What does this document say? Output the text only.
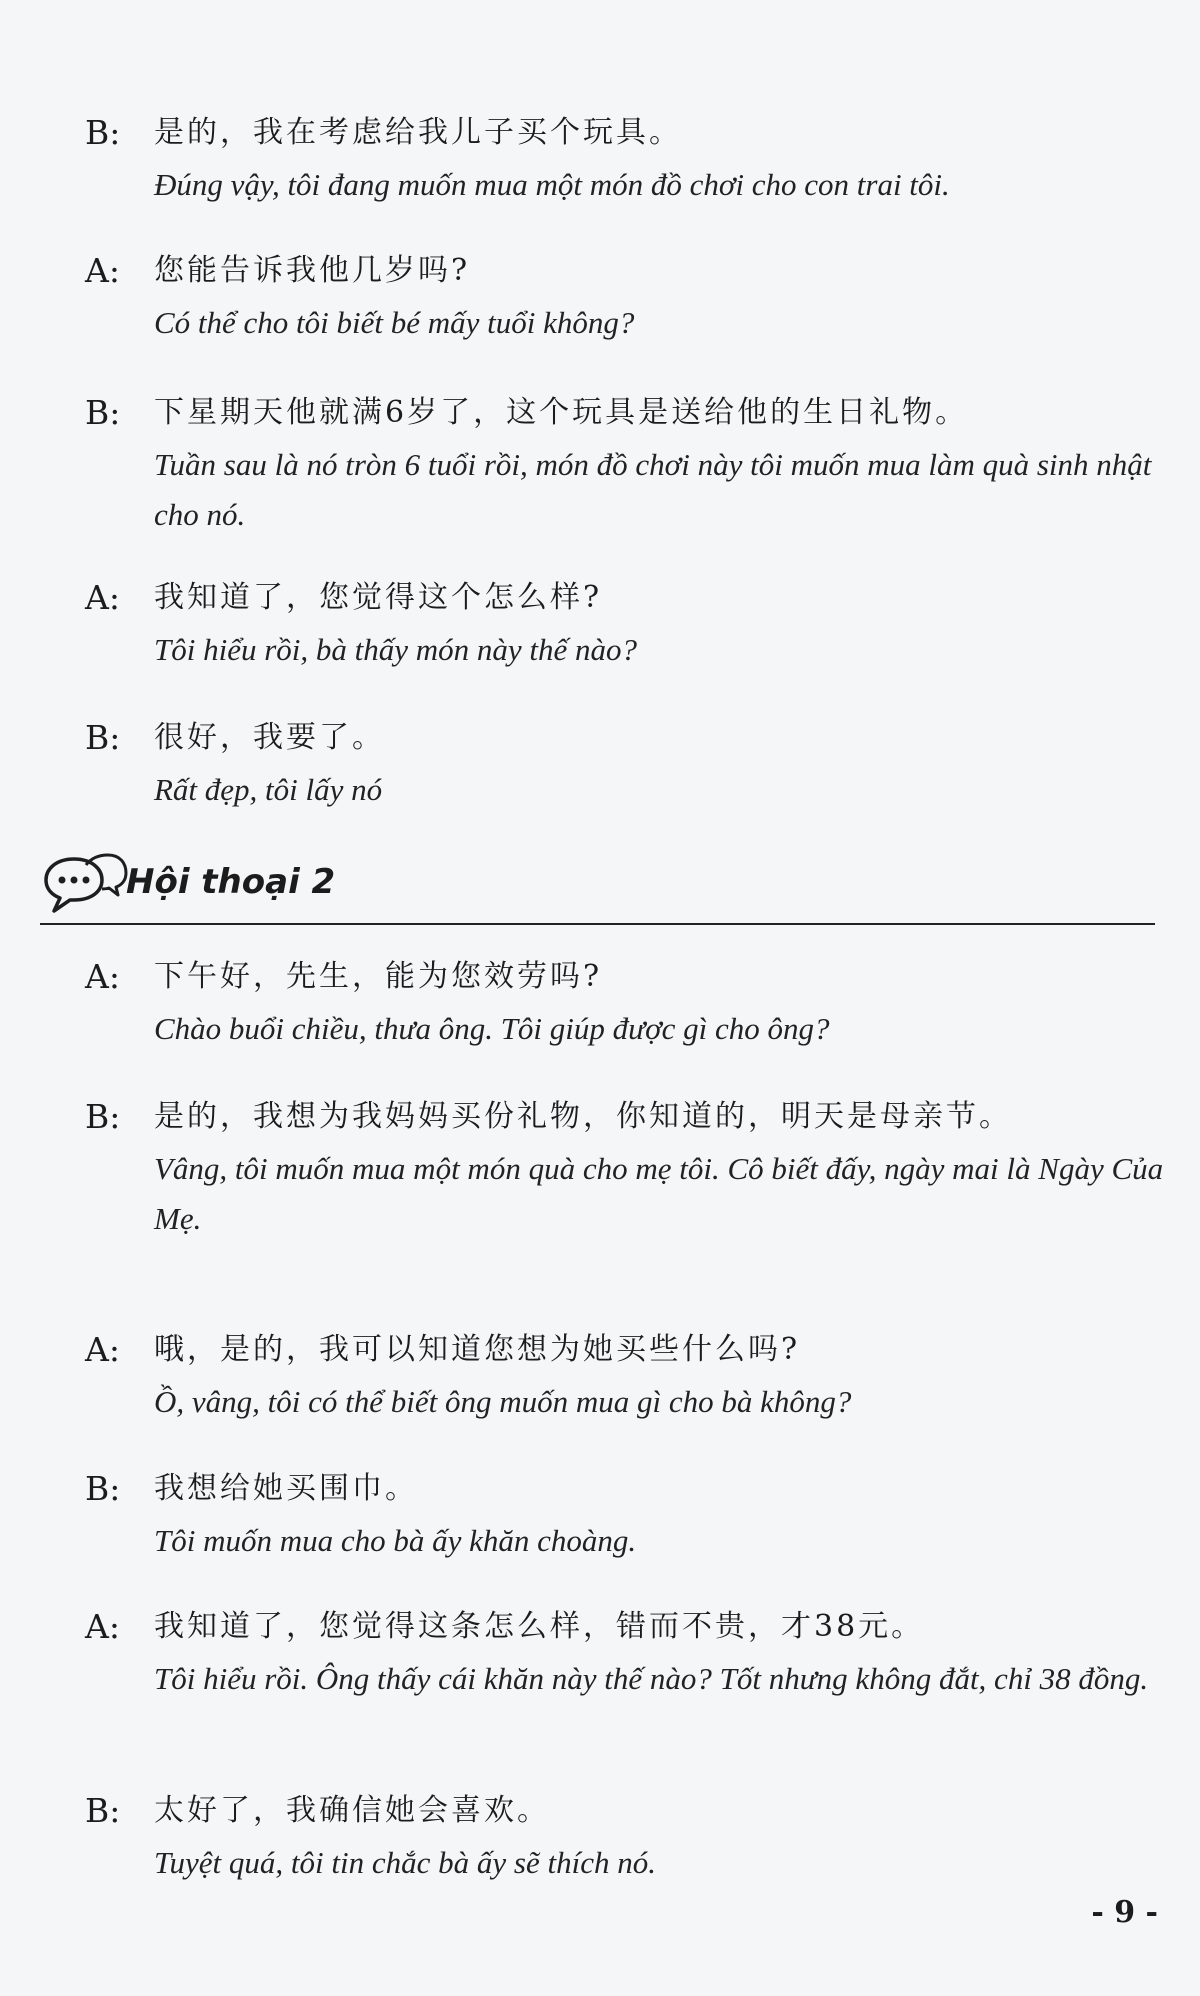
B: 是的，我在考虑给我儿子买个玩具。
Đúng vậy, tôi đang muốn mua một món đồ chơi cho con trai tôi.
A: 您能告诉我他几岁吗?
Có thể cho tôi biết bé mấy tuổi không?
B: 下星期天他就满6岁了，这个玩具是送给他的生日礼物。
Tuần sau là nó tròn 6 tuổi rồi, món đồ chơi này tôi muốn mua làm quà sinh nhật cho nó.
A: 我知道了，您觉得这个怎么样?
Tôi hiểu rồi, bà thấy món này thế nào?
B: 很好，我要了。
Rất đẹp, tôi lấy nó
Hội thoại 2
A: 下午好，先生，能为您效劳吗?
Chào buổi chiều, thưa ông. Tôi giúp được gì cho ông?
B: 是的，我想为我妈妈买份礼物，你知道的，明天是母亲节。
Vâng, tôi muốn mua một món quà cho mẹ tôi. Cô biết đấy, ngày mai là Ngày Của Mẹ.
A: 哦，是的，我可以知道您想为她买些什么吗?
Ồ, vâng, tôi có thể biết ông muốn mua gì cho bà không?
B: 我想给她买围巾。
Tôi muốn mua cho bà ấy khăn choàng.
A: 我知道了，您觉得这条怎么样，错而不贵，才38元。
Tôi hiểu rồi. Ông thấy cái khăn này thế nào? Tốt nhưng không đắt, chỉ 38 đồng.
B: 太好了，我确信她会喜欢。
Tuyệt quá, tôi tin chắc bà ấy sẽ thích nó.
- 9 -
